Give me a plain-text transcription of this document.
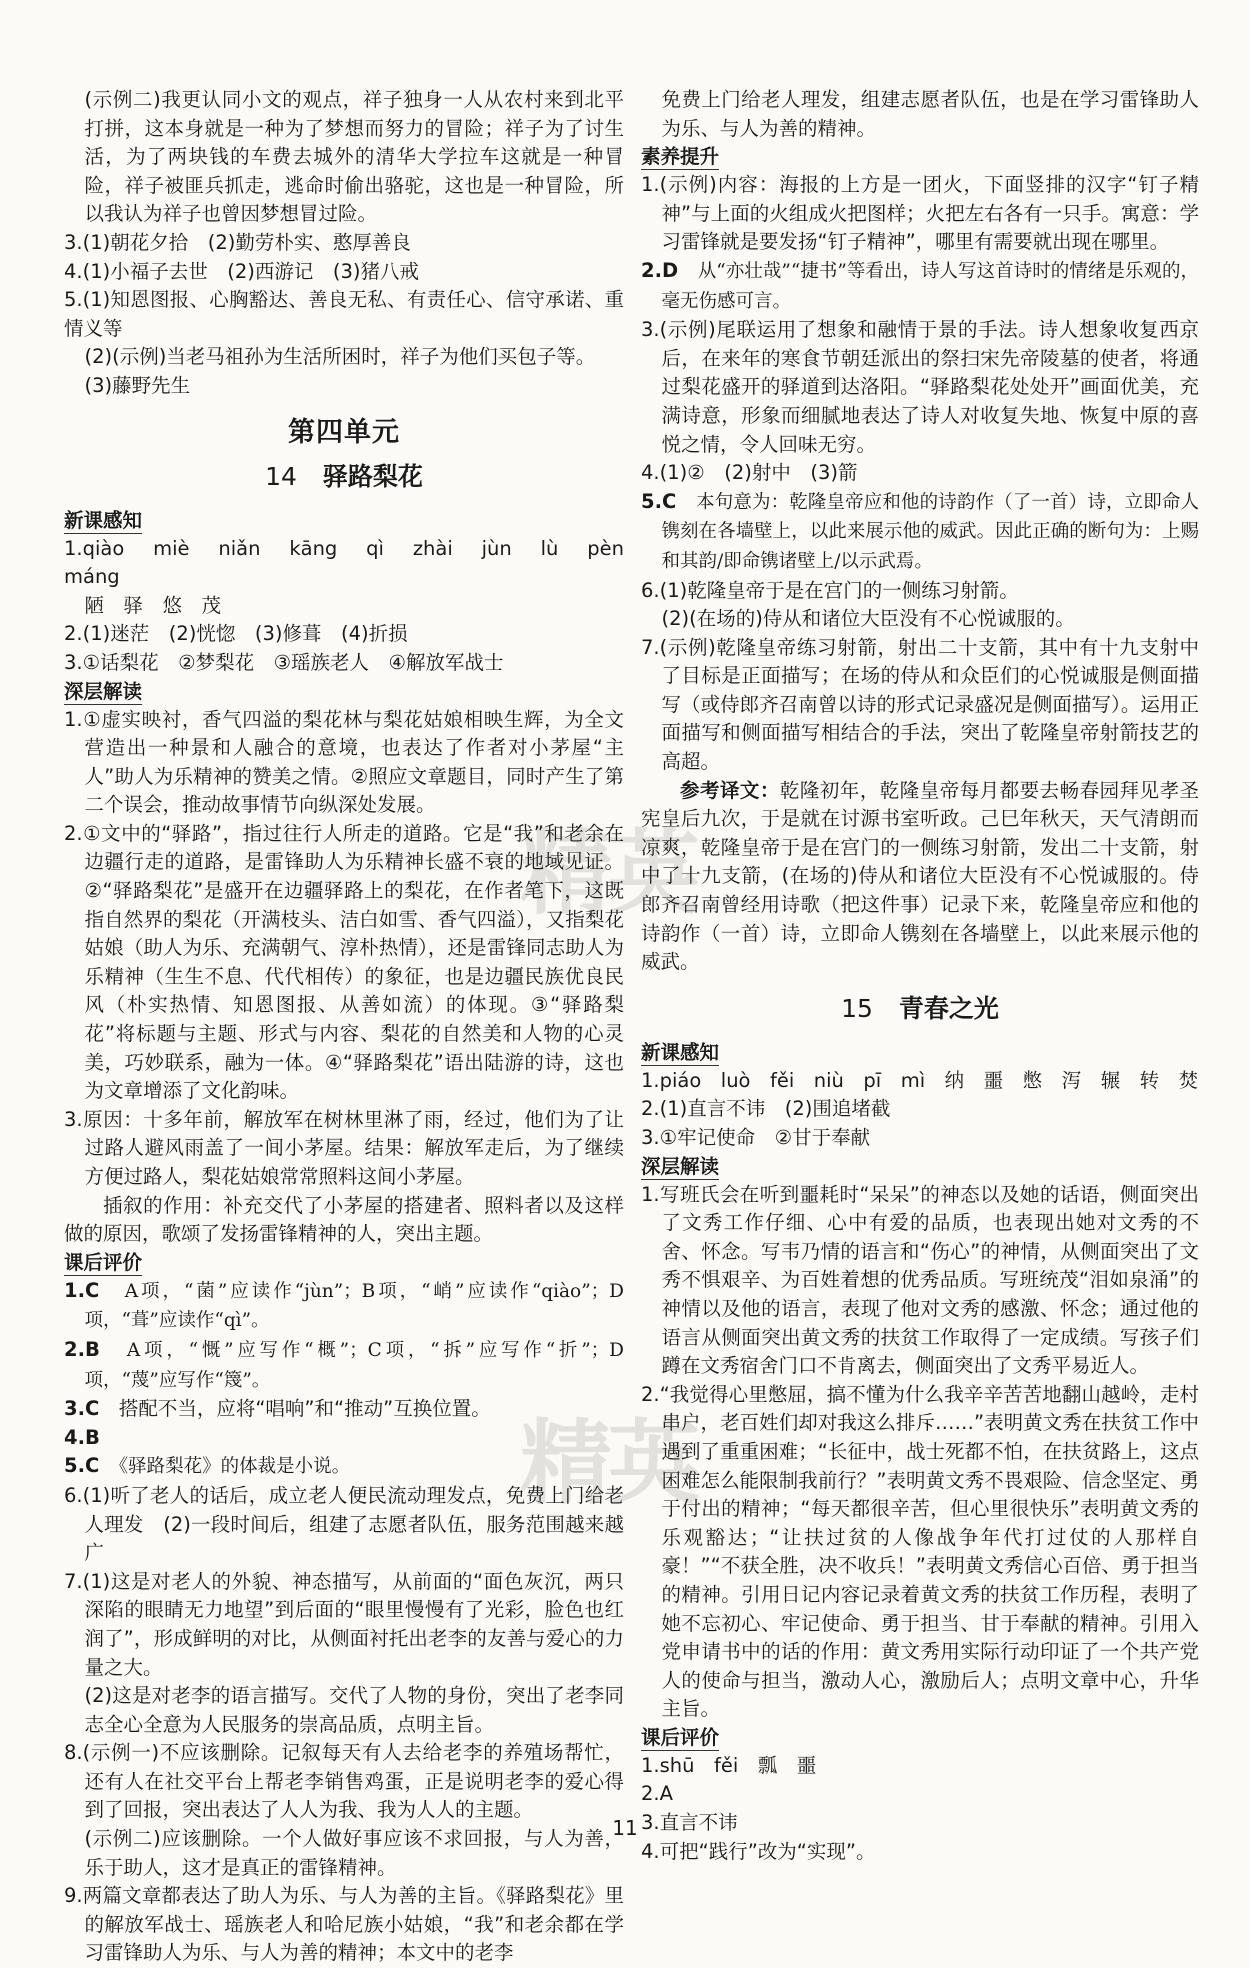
(示例二)我更认同小文的观点，祥子独身一人从农村来到北平打拼，这本身就是一种为了梦想而努力的冒险；祥子为了讨生活，为了两块钱的车费去城外的清华大学拉车这就是一种冒险，祥子被匪兵抓走，逃命时偷出骆驼，这也是一种冒险，所以我认为祥子也曾因梦想冒过险。

3.(1)朝花夕拾　(2)勤劳朴实、憨厚善良

4.(1)小福子去世　(2)西游记　(3)猪八戒

5.(1)知恩图报、心胸豁达、善良无私、有责任心、信守承诺、重情义等

(2)(示例)当老马祖孙为生活所困时，祥子为他们买包子等。

(3)藤野先生

第四单元
14 驿路梨花

新课感知

1.qiào　miè　niǎn　kāng　qì　zhài　jùn　lù　pèn　máng

陋　驿　悠　茂

2.(1)迷茫　(2)恍惚　(3)修葺　(4)折损

3.①话梨花　②梦梨花　③瑶族老人　④解放军战士

深层解读

1.①虚实映衬，香气四溢的梨花林与梨花姑娘相映生辉，为全文营造出一种景和人融合的意境，也表达了作者对小茅屋“主人”助人为乐精神的赞美之情。②照应文章题目，同时产生了第二个误会，推动故事情节向纵深处发展。

2.①文中的“驿路”，指过往行人所走的道路。它是“我”和老余在边疆行走的道路，是雷锋助人为乐精神长盛不衰的地域见证。②“驿路梨花”是盛开在边疆驿路上的梨花，在作者笔下，这既指自然界的梨花（开满枝头、洁白如雪、香气四溢），又指梨花姑娘（助人为乐、充满朝气、淳朴热情），还是雷锋同志助人为乐精神（生生不息、代代相传）的象征，也是边疆民族优良民风（朴实热情、知恩图报、从善如流）的体现。③“驿路梨花”将标题与主题、形式与内容、梨花的自然美和人物的心灵美，巧妙联系，融为一体。④“驿路梨花”语出陆游的诗，这也为文章增添了文化韵味。

3.原因：十多年前，解放军在树林里淋了雨，经过，他们为了让过路人避风雨盖了一间小茅屋。结果：解放军走后，为了继续方便过路人，梨花姑娘常常照料这间小茅屋。

插叙的作用：补充交代了小茅屋的搭建者、照料者以及这样做的原因，歌颂了发扬雷锋精神的人，突出主题。

课后评价

1.C　 A项，“菌”应读作“jùn”；B项，“峭”应读作“qiào”；D项，“葺”应读作“qì”。

2.B　 A项，“慨”应写作“概”；C项，“拆”应写作“折”；D项，“蔑”应写作“篾”。

3.C　 搭配不当，应将“唱响”和“推动”互换位置。

4.B

5.C　 《驿路梨花》的体裁是小说。

6.(1)听了老人的话后，成立老人便民流动理发点，免费上门给老人理发　(2)一段时间后，组建了志愿者队伍，服务范围越来越广

7.(1)这是对老人的外貌、神态描写，从前面的“面色灰沉，两只深陷的眼睛无力地望”到后面的“眼里慢慢有了光彩，脸色也红润了”，形成鲜明的对比，从侧面衬托出老李的友善与爱心的力量之大。

(2)这是对老李的语言描写。交代了人物的身份，突出了老李同志全心全意为人民服务的崇高品质，点明主旨。

8.(示例一)不应该删除。记叙每天有人去给老李的养殖场帮忙，还有人在社交平台上帮老李销售鸡蛋，正是说明老李的爱心得到了回报，突出表达了人人为我、我为人人的主题。

(示例二)应该删除。一个人做好事应该不求回报，与人为善，乐于助人，这才是真正的雷锋精神。

9.两篇文章都表达了助人为乐、与人为善的主旨。《驿路梨花》里的解放军战士、瑶族老人和哈尼族小姑娘，“我”和老余都在学习雷锋助人为乐、与人为善的精神；本文中的老李

免费上门给老人理发，组建志愿者队伍，也是在学习雷锋助人为乐、与人为善的精神。

素养提升

1.(示例)内容：海报的上方是一团火，下面竖排的汉字“钉子精神”与上面的火组成火把图样；火把左右各有一只手。寓意：学习雷锋就是要发扬“钉子精神”，哪里有需要就出现在哪里。

2.D　 从“亦壮哉”“捷书”等看出，诗人写这首诗时的情绪是乐观的，毫无伤感可言。

3.(示例)尾联运用了想象和融情于景的手法。诗人想象收复西京后，在来年的寒食节朝廷派出的祭扫宋先帝陵墓的使者，将通过梨花盛开的驿道到达洛阳。“驿路梨花处处开”画面优美，充满诗意，形象而细腻地表达了诗人对收复失地、恢复中原的喜悦之情，令人回味无穷。

4.(1)②　(2)射中　(3)箭

5.C　 本句意为：乾隆皇帝应和他的诗韵作（了一首）诗，立即命人镌刻在各墙壁上，以此来展示他的威武。因此正确的断句为：上赐和其韵/即命镌诸壁上/以示武焉。

6.(1)乾隆皇帝于是在宫门的一侧练习射箭。

(2)(在场的)侍从和诸位大臣没有不心悦诚服的。

7.(示例)乾隆皇帝练习射箭，射出二十支箭，其中有十九支射中了目标是正面描写；在场的侍从和众臣们的心悦诚服是侧面描写（或侍郎齐召南曾以诗的形式记录盛况是侧面描写）。运用正面描写和侧面描写相结合的手法，突出了乾隆皇帝射箭技艺的高超。

参考译文：乾隆初年，乾隆皇帝每月都要去畅春园拜见孝圣宪皇后九次，于是就在讨源书室听政。己巳年秋天，天气清朗而凉爽，乾隆皇帝于是在宫门的一侧练习射箭，发出二十支箭，射中了十九支箭，(在场的)侍从和诸位大臣没有不心悦诚服的。侍郎齐召南曾经用诗歌（把这件事）记录下来，乾隆皇帝应和他的诗韵作（一首）诗，立即命人镌刻在各墙壁上，以此来展示他的威武。

15 青春之光

新课感知

1.piáo　luò　fěi　niù　pī　mì　纳　噩　憋　泻　辗　转　焚

2.(1)直言不讳　(2)围追堵截

3.①牢记使命　②甘于奉献

深层解读

1.写班氏会在听到噩耗时“呆呆”的神态以及她的话语，侧面突出了文秀工作仔细、心中有爱的品质，也表现出她对文秀的不舍、怀念。写韦乃情的语言和“伤心”的神情，从侧面突出了文秀不惧艰辛、为百姓着想的优秀品质。写班统茂“泪如泉涌”的神情以及他的语言，表现了他对文秀的感激、怀念；通过他的语言从侧面突出黄文秀的扶贫工作取得了一定成绩。写孩子们蹲在文秀宿舍门口不肯离去，侧面突出了文秀平易近人。

2.“我觉得心里憋屈，搞不懂为什么我辛辛苦苦地翻山越岭，走村串户，老百姓们却对我这么排斥……”表明黄文秀在扶贫工作中遇到了重重困难；“长征中，战士死都不怕，在扶贫路上，这点困难怎么能限制我前行？”表明黄文秀不畏艰险、信念坚定、勇于付出的精神；“每天都很辛苦，但心里很快乐”表明黄文秀的乐观豁达；“让扶过贫的人像战争年代打过仗的人那样自豪！”“不获全胜，决不收兵！”表明黄文秀信心百倍、勇于担当的精神。引用日记内容记录着黄文秀的扶贫工作历程，表明了她不忘初心、牢记使命、勇于担当、甘于奉献的精神。引用入党申请书中的话的作用：黄文秀用实际行动印证了一个共产党人的使命与担当，激动人心，激励后人；点明文章中心，升华主旨。

课后评价

1.shū　fěi　瓢　噩

2.A

3.直言不讳

4.可把“践行”改为“实现”。

精英
精英
11
